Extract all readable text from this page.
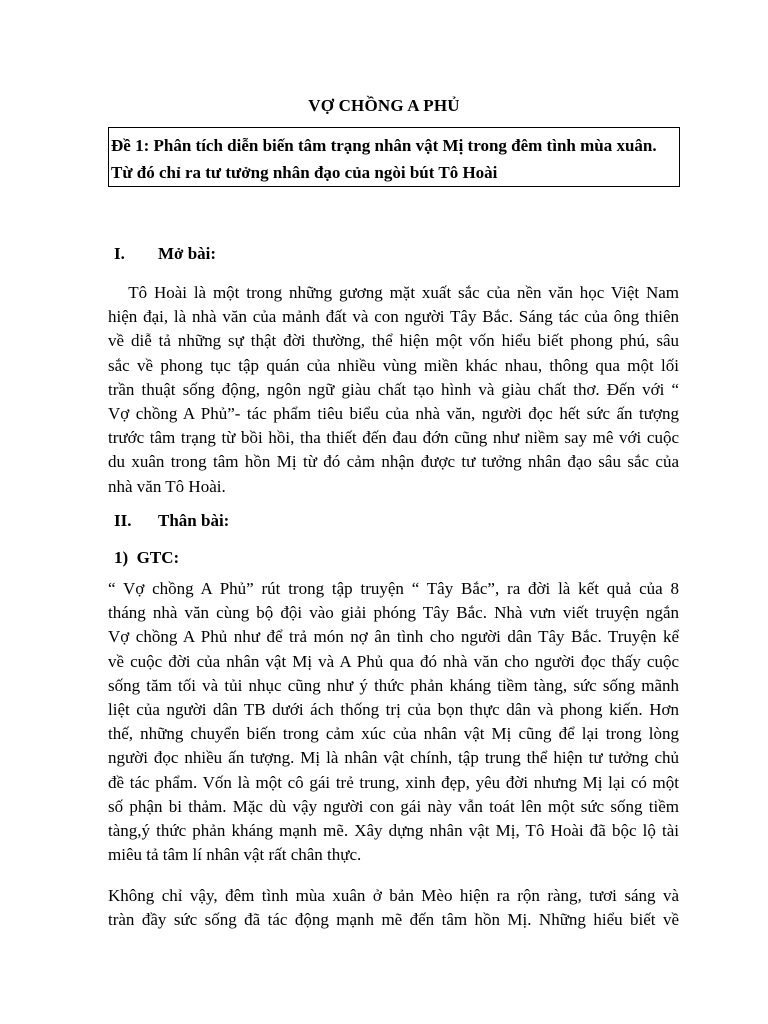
VỢ CHỒNG A PHỦ
Đề 1: Phân tích diễn biến tâm trạng nhân vật Mị trong đêm tình mùa xuân.
Từ đó chỉ ra tư tưởng nhân đạo của ngòi bút Tô Hoài
I. Mở bài:
Tô Hoài là một trong những gương mặt xuất sắc của nền văn học Việt Nam
hiện đại, là nhà văn của mảnh đất và con người Tây Bắc. Sáng tác của ông thiên
về diễ tả những sự thật đời thường, thể hiện một vốn hiểu biết phong phú, sâu
sắc về phong tục tập quán của nhiều vùng miền khác nhau, thông qua một lối
trần thuật sống động, ngôn ngữ giàu chất tạo hình và giàu chất thơ. Đến với “
Vợ chồng A Phủ”- tác phẩm tiêu biểu của nhà văn, người đọc hết sức ấn tượng
trước tâm trạng từ bồi hồi, tha thiết đến đau đớn cũng như niềm say mê với cuộc
du xuân trong tâm hồn Mị từ đó cảm nhận được tư tưởng nhân đạo sâu sắc của
nhà văn Tô Hoài.
II. Thân bài:
1)  GTC:
“ Vợ chồng A Phủ” rút trong tập truyện “ Tây Bắc”, ra đời là kết quả của 8
tháng nhà văn cùng bộ đội vào giải phóng Tây Bắc. Nhà vưn viết truyện ngắn
Vợ chồng A Phủ như để trả món nợ ân tình cho người dân Tây Bắc. Truyện kể
về cuộc đời của nhân vật Mị và A Phủ qua đó nhà văn cho người đọc thấy cuộc
sống tăm tối và tủi nhục cũng như ý thức phản kháng tiềm tàng, sức sống mãnh
liệt của người dân TB dưới ách thống trị của bọn thực dân và phong kiến. Hơn
thế, những chuyển biến trong cảm xúc của nhân vật Mị cũng để lại trong lòng
người đọc nhiều ấn tượng. Mị là nhân vật chính, tập trung thể hiện tư tưởng chủ
đề tác phẩm. Vốn là một cô gái trẻ trung, xinh đẹp, yêu đời nhưng Mị lại có một
số phận bi thảm. Mặc dù vậy người con gái này vẫn toát lên một sức sống tiềm
tàng,ý thức phản kháng mạnh mẽ. Xây dựng nhân vật Mị, Tô Hoài đã bộc lộ tài
miêu tả tâm lí nhân vật rất chân thực.
Không chỉ vậy, đêm tình mùa xuân ở bản Mèo hiện ra rộn ràng, tươi sáng và
tràn đầy sức sống đã tác động mạnh mẽ đến tâm hồn Mị. Những hiểu biết về
